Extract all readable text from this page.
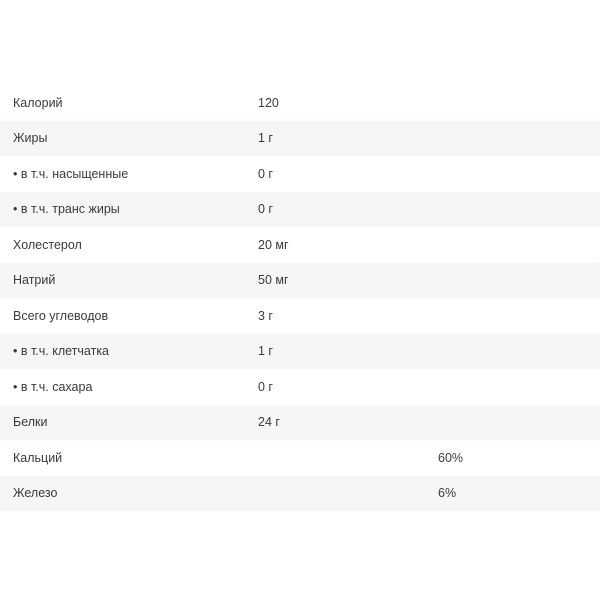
Калорий	120	
Жиры	1 г	
• в т.ч. насыщенные	0 г	
• в т.ч. транс жиры	0 г	
Холестерол	20 мг	
Натрий	50 мг	
Всего углеводов	3 г	
• в т.ч. клетчатка	1 г	
• в т.ч. сахара	0 г	
Белки	24 г	
Кальций		60%
Железо		6%
